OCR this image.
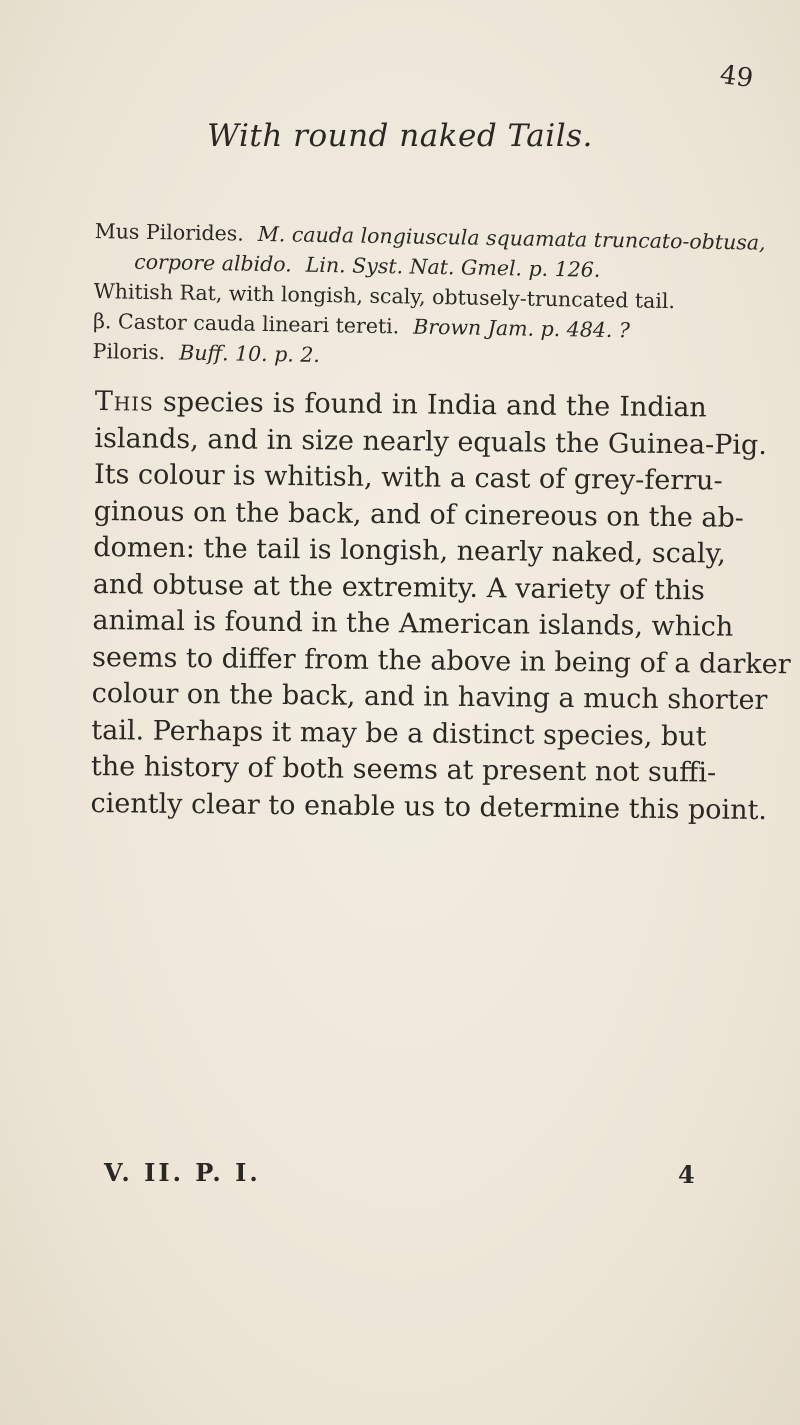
49
With round naked Tails.
Mus Pilorides. M. cauda longiuscula squamata truncato-obtusa,
corpore albido. Lin. Syst. Nat. Gmel. p. 126.
Whitish Rat, with longish, scaly, obtusely-truncated tail.
β. Castor cauda lineari tereti. Brown Jam. p. 484. ?
Piloris. Buff. 10. p. 2.
This species is found in India and the Indian
islands, and in size nearly equals the Guinea-Pig.
Its colour is whitish, with a cast of grey-ferru-
ginous on the back, and of cinereous on the ab-
domen: the tail is longish, nearly naked, scaly,
and obtuse at the extremity. A variety of this
animal is found in the American islands, which
seems to differ from the above in being of a darker
colour on the back, and in having a much shorter
tail. Perhaps it may be a distinct species, but
the history of both seems at present not suffi-
ciently clear to enable us to determine this point.
V. II. P. I.	4
